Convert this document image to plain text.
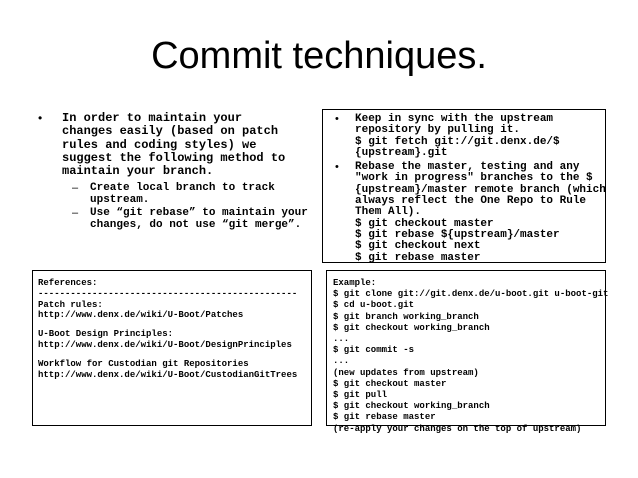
Commit techniques.
• In order to maintain your
changes easily (based on patch
rules and coding styles) we
suggest the following method to
maintain your branch.
– Create local branch to track
upstream.
– Use “git rebase” to maintain your
changes, do not use “git merge”.
• Keep in sync with the upstream
repository by pulling it.
$ git fetch git://git.denx.de/$
{upstream}.git
• Rebase the master, testing and any
"work in progress" branches to the $
{upstream}/master remote branch (which
always reflect the One Repo to Rule
Them All).
$ git checkout master
$ git rebase ${upstream}/master
$ git checkout next
$ git rebase master
References:
------------------------------------------------
Patch rules:
http://www.denx.de/wiki/U-Boot/Patches
U-Boot Design Principles:
http://www.denx.de/wiki/U-Boot/DesignPrinciples
Workflow for Custodian git Repositories
http://www.denx.de/wiki/U-Boot/CustodianGitTrees
Example:
$ git clone git://git.denx.de/u-boot.git u-boot-git
$ cd u-boot.git
$ git branch working_branch
$ git checkout working_branch
...
$ git commit -s
...
(new updates from upstream)
$ git checkout master
$ git pull
$ git checkout working_branch
$ git rebase master
(re-apply your changes on the top of upstream)
